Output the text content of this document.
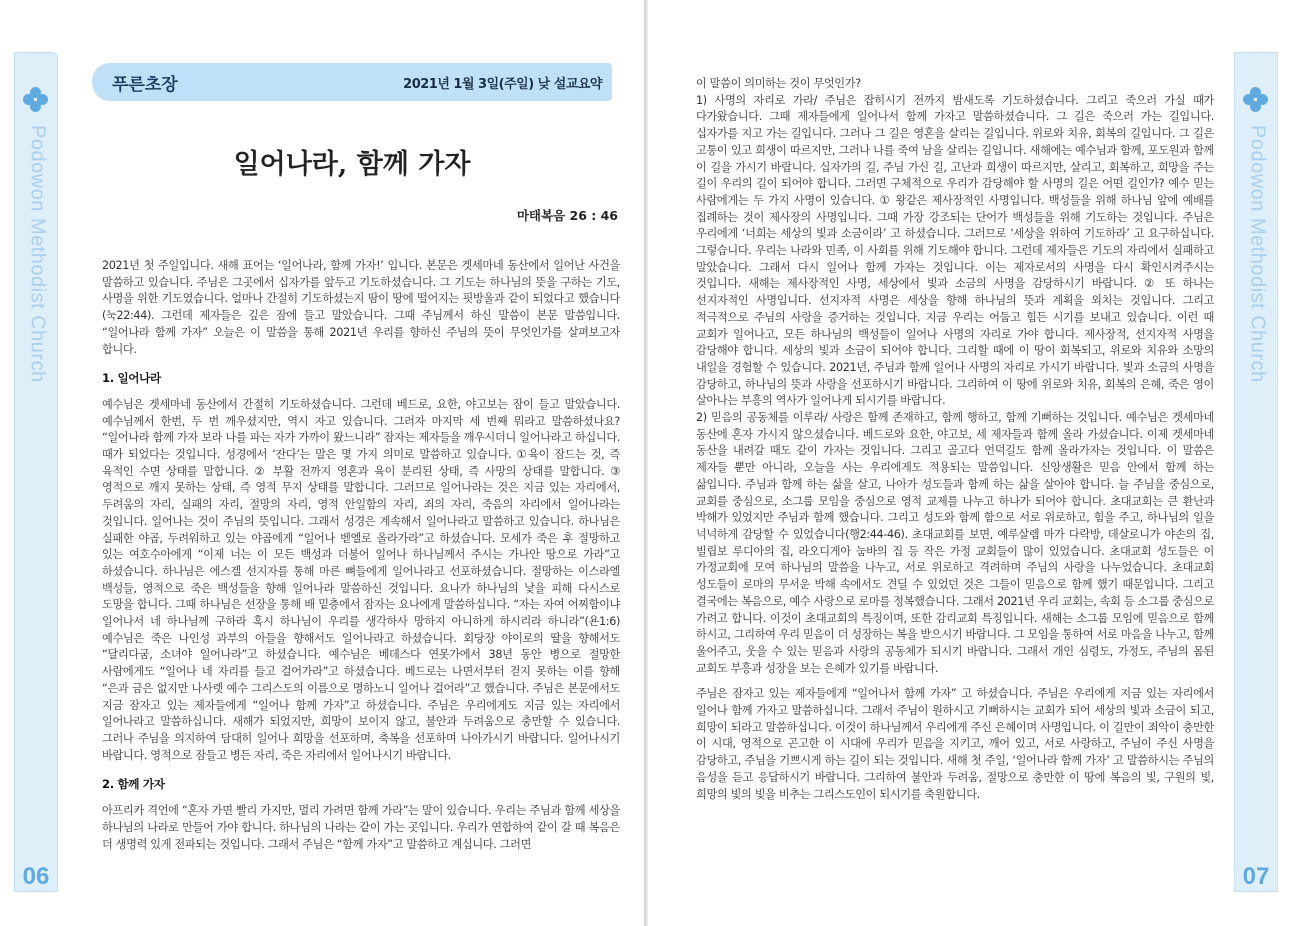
Podowon Methodist Church
06
푸른초장	2021년 1월 3일(주일) 낮 설교요약
일어나라, 함께 가자
마태복음 26 : 46

2021년 첫 주일입니다. 새해 표어는 ‘일어나라, 함께 가자!’ 입니다. 본문은 겟세마네 동산에서 일어난 사건을 말씀하고 있습니다. 주님은 그곳에서 십자가를 앞두고 기도하셨습니다. 그 기도는 하나님의 뜻을 구하는 기도, 사명을 위한 기도였습니다. 얼마나 간절히 기도하셨는지 땀이 땅에 떨어지는 핏방울과 같이 되었다고 했습니다(눅22:44). 그런데 제자들은 깊은 잠에 들고 말았습니다. 그때 주님께서 하신 말씀이 본문 말씀입니다. “일어나라 함께 가자” 오늘은 이 말씀을 통해 2021년 우리를 향하신 주님의 뜻이 무엇인가를 살펴보고자 합니다.

1. 일어나라

예수님은 겟세마네 동산에서 간절히 기도하셨습니다. 그런데 베드로, 요한, 야고보는 잠이 들고 말았습니다. 예수님께서 한번, 두 번 깨우셨지만, 역시 자고 있습니다. 그러자 마지막 세 번째 뭐라고 말씀하셨나요? “일어나라 함께 가자 보라 나를 파는 자가 가까이 왔느니라” 잠자는 제자들을 깨우시더니 일어나라고 하십니다. 때가 되었다는 것입니다. 성경에서 ‘잔다’는 말은 몇 가지 의미로 말씀하고 있습니다. ①육이 잠드는 것, 즉 육적인 수면 상태를 말합니다. ② 부활 전까지 영혼과 육이 분리된 상태, 즉 사망의 상태를 말합니다. ③ 영적으로 깨지 못하는 상태, 즉 영적 무지 상태를 말합니다. 그러므로 일어나라는 것은 지금 있는 자리에서, 두려움의 자리, 실패의 자리, 절망의 자리, 영적 안일함의 자리, 죄의 자리, 죽음의 자리에서 일어나라는 것입니다. 일어나는 것이 주님의 뜻입니다. 그래서 성경은 계속해서 일어나라고 말씀하고 있습니다. 하나님은 실패한 야곱, 두려워하고 있는 야곱에게 “일어나 벧엘로 올라가라”고 하셨습니다. 모세가 죽은 후 절망하고 있는 여호수아에게 “이제 너는 이 모든 백성과 더불어 일어나 하나님께서 주시는 가나안 땅으로 가라”고 하셨습니다. 하나님은 에스겔 선지자를 통해 마른 뼈들에게 일어나라고 선포하셨습니다. 절망하는 이스라엘 백성들, 영적으로 죽은 백성들을 향해 일어나라 말씀하신 것입니다. 요나가 하나님의 낯을 피해 다시스로 도망을 합니다. 그때 하나님은 선장을 통해 배 밑층에서 잠자는 요나에게 말씀하십니다. “자는 자여 어찌함이냐 일어나서 네 하나님께 구하라 혹시 하나님이 우리를 생각하사 망하지 아니하게 하시리라 하니라”(욘1:6) 예수님은 죽은 나인성 과부의 아들을 향해서도 일어나라고 하셨습니다. 회당장 야이로의 딸을 향해서도 “달리다굼, 소녀야 일어나라”고 하셨습니다. 예수님은 베데스다 연못가에서 38년 동안 병으로 절망한 사람에게도 “일어나 네 자리를 들고 걸어가라”고 하셨습니다. 베드로는 나면서부터 걷지 못하는 이를 향해 “은과 금은 없지만 나사렛 예수 그리스도의 이름으로 명하노니 일어나 걸어라”고 했습니다. 주님은 본문에서도 지금 잠자고 있는 제자들에게 “일어나 함께 가자”고 하셨습니다. 주님은 우리에게도 지금 있는 자리에서 일어나라고 말씀하십니다. 새해가 되었지만, 희망이 보이지 않고, 불안과 두려움으로 충만할 수 있습니다. 그러나 주님을 의지하여 담대히 일어나 희망을 선포하며, 축복을 선포하며 나아가시기 바랍니다. 일어나시기 바랍니다. 영적으로 잠들고 병든 자리, 죽은 자리에서 일어나시기 바랍니다.

2. 함께 가자

아프리카 격언에 “혼자 가면 빨리 가지만, 멀리 가려면 함께 가라”는 말이 있습니다. 우리는 주님과 함께 세상을 하나님의 나라로 만들어 가야 합니다. 하나님의 나라는 같이 가는 곳입니다. 우리가 연합하여 같이 갈 때 복음은 더 생명력 있게 전파되는 것입니다. 그래서 주님은 “함께 가자”고 말씀하고 계십니다. 그러면

Podowon Methodist Church
07

이 말씀이 의미하는 것이 무엇인가?

1) 사명의 자리로 가라/ 주님은 잡히시기 전까지 밤새도록 기도하셨습니다. 그리고 죽으러 가실 때가 다가왔습니다. 그때 제자들에게 일어나서 함께 가자고 말씀하셨습니다. 그 길은 죽으러 가는 길입니다. 십자가를 지고 가는 길입니다. 그러나 그 길은 영혼을 살리는 길입니다. 위로와 치유, 회복의 길입니다. 그 길은 고통이 있고 희생이 따르지만, 그러나 나를 죽여 남을 살리는 길입니다. 새해에는 예수님과 함께, 포도원과 함께 이 길을 가시기 바랍니다. 십자가의 길, 주님 가신 길, 고난과 희생이 따르지만, 살리고, 회복하고, 희망을 주는 길이 우리의 길이 되어야 합니다. 그러면 구체적으로 우리가 감당해야 할 사명의 길은 어떤 길인가? 예수 믿는 사람에게는 두 가지 사명이 있습니다. ① 왕같은 제사장적인 사명입니다. 백성들을 위해 하나님 앞에 예배를 집례하는 것이 제사장의 사명입니다. 그때 가장 강조되는 단어가 백성들을 위해 기도하는 것입니다. 주님은 우리에게 ‘너희는 세상의 빛과 소금이라’ 고 하셨습니다. 그러므로 ‘세상을 위하여 기도하라’ 고 요구하십니다. 그렇습니다. 우리는 나라와 민족, 이 사회를 위해 기도해야 합니다. 그런데 제자들은 기도의 자리에서 실패하고 말았습니다. 그래서 다시 일어나 함께 가자는 것입니다. 이는 제자로서의 사명을 다시 확인시켜주시는 것입니다. 새해는 제사장적인 사명, 세상에서 빛과 소금의 사명을 감당하시기 바랍니다. ② 또 하나는 선지자적인 사명입니다. 선지자적 사명은 세상을 향해 하나님의 뜻과 계획을 외치는 것입니다. 그리고 적극적으로 주님의 사랑을 증거하는 것입니다. 지금 우리는 어둡고 힘든 시기를 보내고 있습니다. 이런 때 교회가 일어나고, 모든 하나님의 백성들이 일어나 사명의 자리로 가야 합니다. 제사장적, 선지자적 사명을 감당해야 합니다. 세상의 빛과 소금이 되어야 합니다. 그리할 때에 이 땅이 회복되고, 위로와 치유와 소망의 내일을 경험할 수 있습니다. 2021년, 주님과 함께 일어나 사명의 자리로 가시기 바랍니다. 빛과 소금의 사명을 감당하고, 하나님의 뜻과 사랑을 선포하시기 바랍니다. 그리하여 이 땅에 위로와 치유, 회복의 은혜, 죽은 영이 살아나는 부흥의 역사가 일어나게 되시기를 바랍니다.

2) 믿음의 공동체를 이루라/ 사랑은 함께 존재하고, 함께 행하고, 함께 기뻐하는 것입니다. 예수님은 겟세마네 동산에 혼자 가시지 않으셨습니다. 베드로와 요한, 야고보, 세 제자들과 함께 올라 가셨습니다. 이제 겟세마네 동산을 내려갈 때도 같이 가자는 것입니다. 그리고 골고다 언덕길도 함께 올라가자는 것입니다. 이 말씀은 제자들 뿐만 아니라, 오늘을 사는 우리에게도 적용되는 말씀입니다. 신앙생활은 믿음 안에서 함께 하는 삶입니다. 주님과 함께 하는 삶을 살고, 나아가 성도들과 함께 하는 삶을 살아야 합니다. 늘 주님을 중심으로, 교회를 중심으로, 소그룹 모임을 중심으로 영적 교제를 나누고 하나가 되어야 합니다. 초대교회는 큰 환난과 박해가 있었지만 주님과 함께 했습니다. 그리고 성도와 함께 함으로 서로 위로하고, 힘을 주고, 하나님의 일을 넉넉하게 감당할 수 있었습니다(행2:44-46). 초대교회를 보면, 예루살렘 마가 다락방, 데살로니가 야손의 집, 빌립보 루디아의 집, 라오디게아 눔바의 집 등 작은 가정 교회들이 많이 있었습니다. 초대교회 성도들은 이 가정교회에 모여 하나님의 말씀을 나누고, 서로 위로하고 격려하며 주님의 사랑을 나누었습니다. 초대교회 성도들이 로마의 무서운 박해 속에서도 견딜 수 있었던 것은 그들이 믿음으로 함께 했기 때문입니다. 그리고 결국에는 복음으로, 예수 사랑으로 로마를 정복했습니다. 그래서 2021년 우리 교회는, 속회 등 소그룹 중심으로 가려고 합니다. 이것이 초대교회의 특징이며, 또한 감리교회 특징입니다. 새해는 소그룹 모임에 믿음으로 함께 하시고, 그리하여 우리 믿음이 더 성장하는 복을 받으시기 바랍니다. 그 모임을 통하여 서로 마음을 나누고, 함께 울어주고, 웃을 수 있는 믿음과 사랑의 공동체가 되시기 바랍니다. 그래서 개인 심령도, 가정도, 주님의 몸된 교회도 부흥과 성장을 보는 은혜가 있기를 바랍니다.

주님은 잠자고 있는 제자들에게 “일어나서 함께 가자” 고 하셨습니다. 주님은 우리에게 지금 있는 자리에서 일어나 함께 가자고 말씀하십니다. 그래서 주님이 원하시고 기뻐하시는 교회가 되어 세상의 빛과 소금이 되고, 희망이 되라고 말씀하십니다. 이것이 하나님께서 우리에게 주신 은혜이며 사명입니다. 이 길만이 죄악이 충만한 이 시대, 영적으로 곤고한 이 시대에 우리가 믿음을 지키고, 깨어 있고, 서로 사랑하고, 주님이 주신 사명을 감당하고, 주님을 기쁘시게 하는 길이 되는 것입니다. 새해 첫 주일, ‘일어나라 함께 가자’ 고 말씀하시는 주님의 음성을 듣고 응답하시기 바랍니다. 그리하여 불안과 두려움, 절망으로 충만한 이 땅에 복음의 빛, 구원의 빛, 희망의 빛의 빛을 비추는 그리스도인이 되시기를 축원합니다.
